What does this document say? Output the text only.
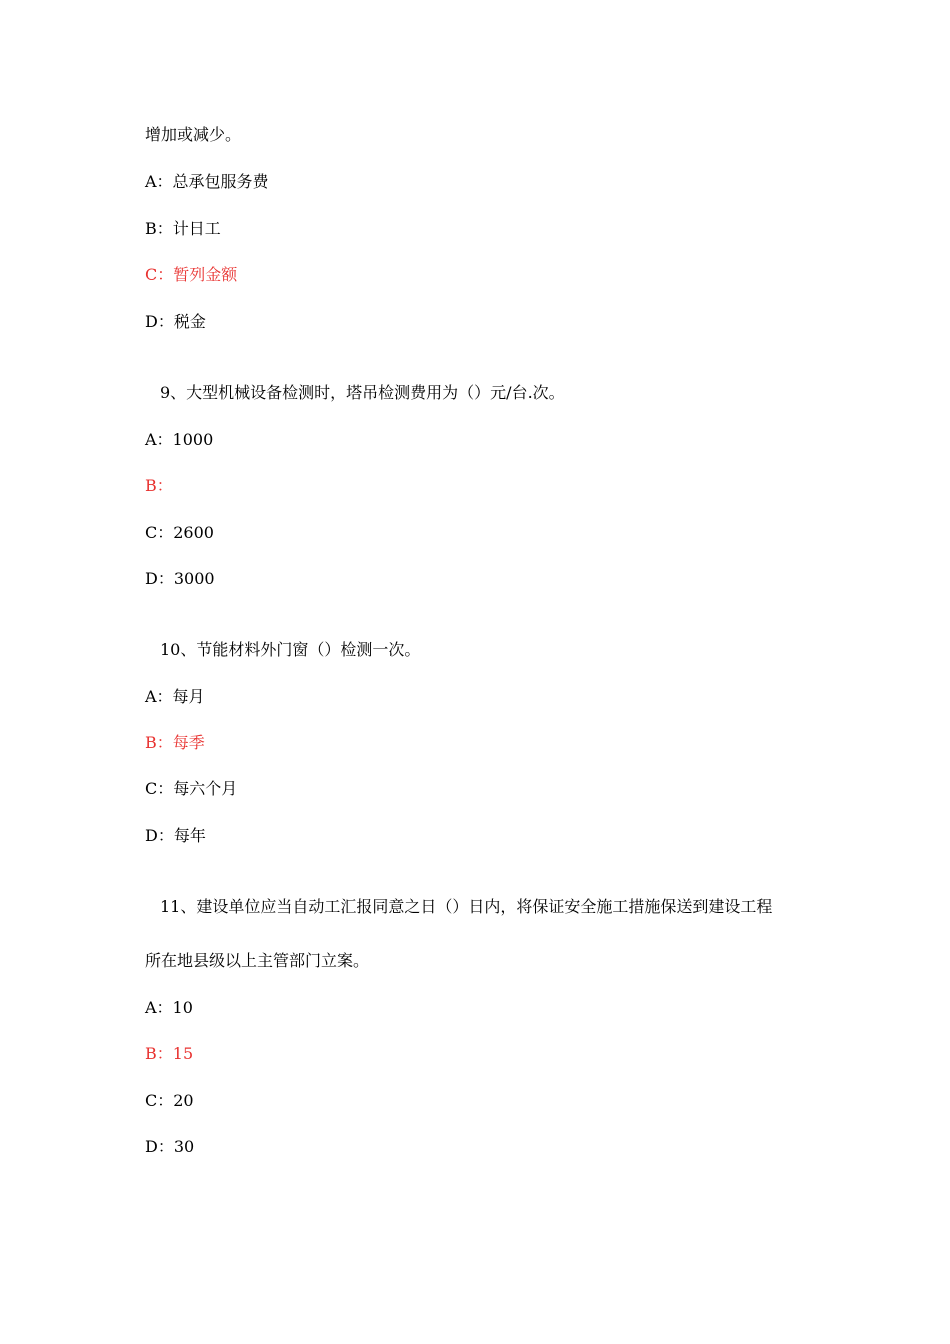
增加或减少。
A：总承包服务费
B：计日工
C：暂列金额
D：税金
9、大型机械设备检测时，塔吊检测费用为（）元/台.次。
A：1000
B：
C：2600
D：3000
10、节能材料外门窗（）检测一次。
A：每月
B：每季
C：每六个月
D：每年
11、建设单位应当自动工汇报同意之日（）日内，将保证安全施工措施保送到建设工程
所在地县级以上主管部门立案。
A：10
B：15
C：20
D：30
